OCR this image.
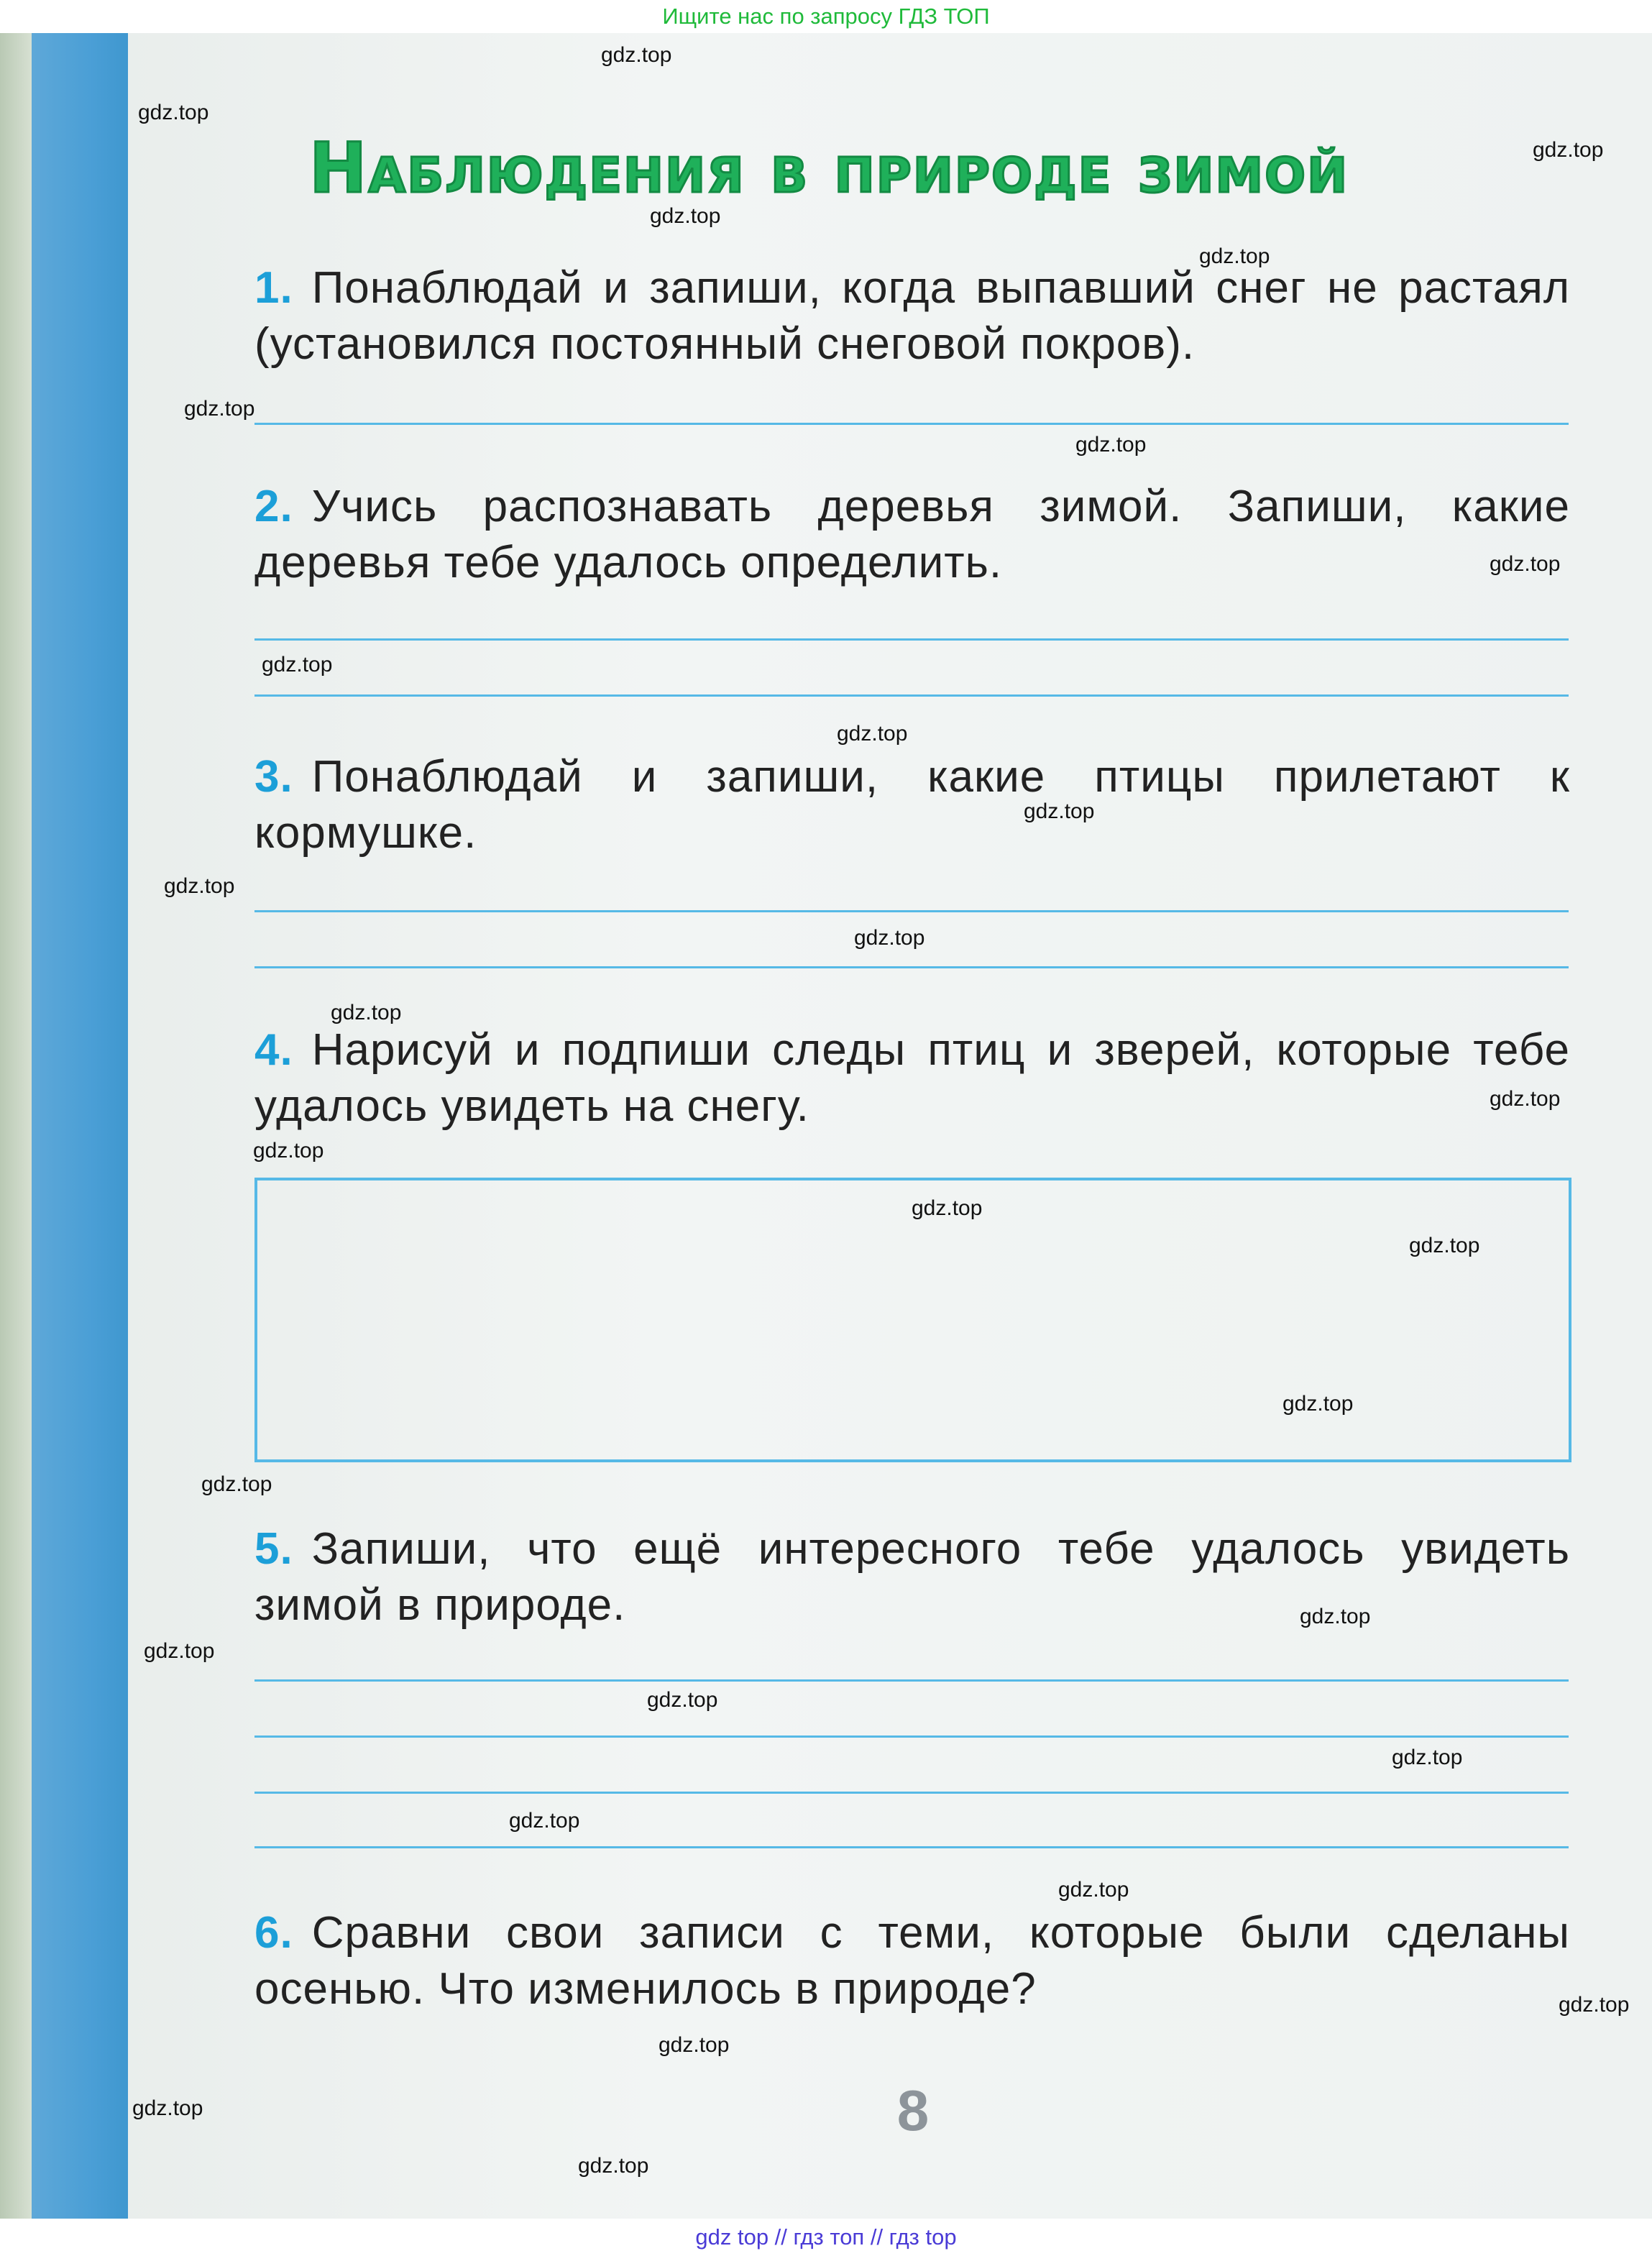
Ищите нас по запросу ГДЗ ТОП
Наблюдения в природе зимой
1. Понаблюдай и запиши, когда выпавший снег не растаял (установился постоянный снеговой покров).
2. Учись распознавать деревья зимой. Запиши, какие деревья тебе удалось определить.
3. Понаблюдай и запиши, какие птицы прилетают к кормушке.
4. Нарисуй и подпиши следы птиц и зверей, которые тебе удалось увидеть на снегу.
5. Запиши, что ещё интересного тебе удалось увидеть зимой в природе.
6. Сравни свои записи с теми, которые были сделаны осенью. Что изменилось в природе?
8
gdz.top
gdz.top
gdz.top
gdz.top
gdz.top
gdz.top
gdz.top
gdz.top
gdz.top
gdz.top
gdz.top
gdz.top
gdz.top
gdz.top
gdz.top
gdz.top
gdz.top
gdz.top
gdz.top
gdz.top
gdz.top
gdz.top
gdz.top
gdz.top
gdz.top
gdz.top
gdz.top
gdz.top
gdz.top
gdz.top
gdz top // гдз топ // гдз top
